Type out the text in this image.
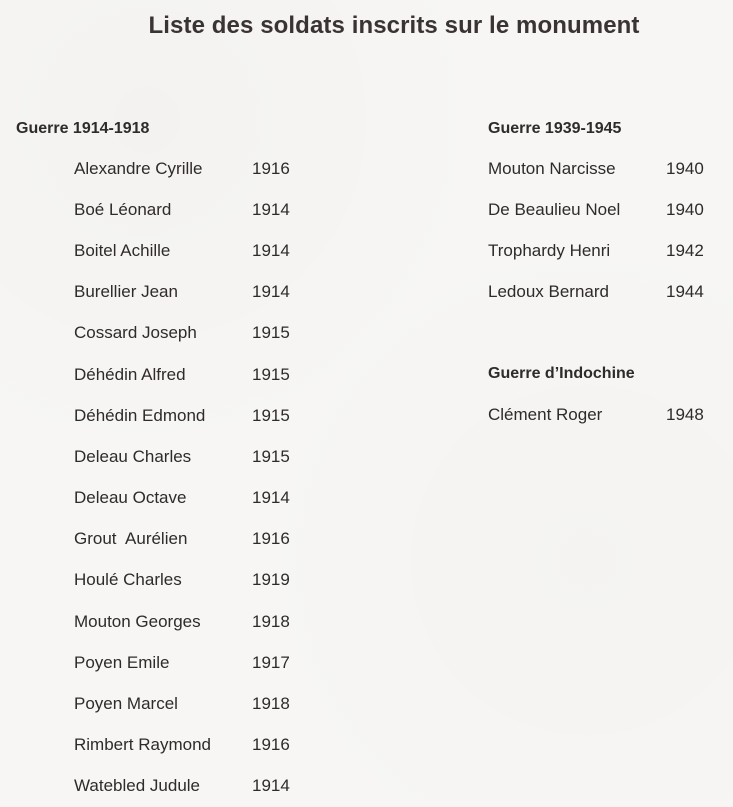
Liste des soldats inscrits sur le monument
Guerre 1914-1918
Alexandre Cyrille	1916
Boé Léonard	1914
Boitel Achille	1914
Burellier Jean	1914
Cossard Joseph	1915
Déhédin Alfred	1915
Déhédin Edmond	1915
Deleau Charles	1915
Deleau Octave	1914
Grout  Aurélien	1916
Houlé Charles	1919
Mouton Georges	1918
Poyen Emile	1917
Poyen Marcel	1918
Rimbert Raymond	1916
Watebled Judule	1914
Guerre 1939-1945
Mouton Narcisse	1940
De Beaulieu Noel	1940
Trophardy Henri	1942
Ledoux Bernard	1944
Guerre d’Indochine
Clément Roger	1948
